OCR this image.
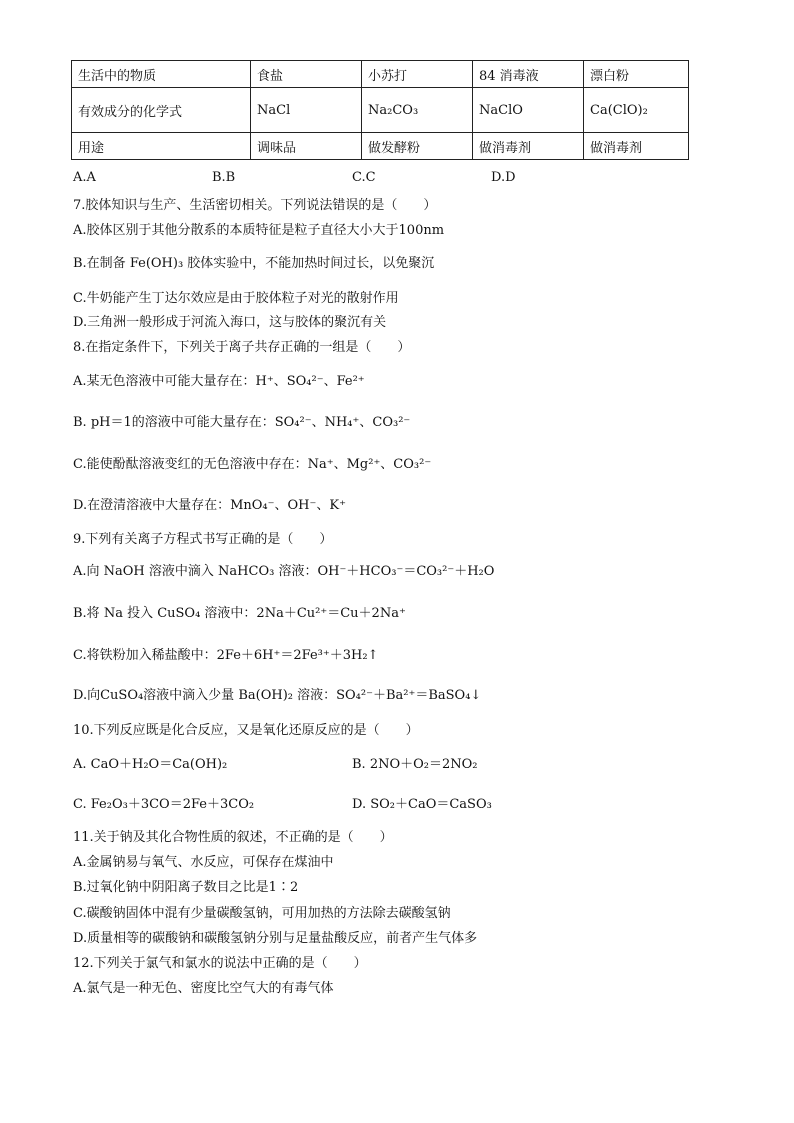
生活中的物质	食盐	小苏打	84 消毒液	漂白粉
有效成分的化学式	NaCl	Na₂CO₃	NaClO	Ca(ClO)₂
用途	调味品	做发酵粉	做消毒剂	做消毒剂
A.A	B.B	C.C	D.D
7.胶体知识与生产、生活密切相关。下列说法错误的是（　　）
A.胶体区别于其他分散系的本质特征是粒子直径大小大于100nm
B.在制备 Fe(OH)₃ 胶体实验中，不能加热时间过长，以免聚沉
C.牛奶能产生丁达尔效应是由于胶体粒子对光的散射作用
D.三角洲一般形成于河流入海口，这与胶体的聚沉有关
8.在指定条件下，下列关于离子共存正确的一组是（　　）
A.某无色溶液中可能大量存在：H⁺、SO₄²⁻、Fe²⁺
B. pH＝1的溶液中可能大量存在：SO₄²⁻、NH₄⁺、CO₃²⁻
C.能使酚酞溶液变红的无色溶液中存在：Na⁺、Mg²⁺、CO₃²⁻
D.在澄清溶液中大量存在：MnO₄⁻、OH⁻、K⁺
9.下列有关离子方程式书写正确的是（　　）
A.向 NaOH 溶液中滴入 NaHCO₃ 溶液：OH⁻＋HCO₃⁻＝CO₃²⁻＋H₂O
B.将 Na 投入 CuSO₄ 溶液中：2Na＋Cu²⁺＝Cu＋2Na⁺
C.将铁粉加入稀盐酸中：2Fe＋6H⁺＝2Fe³⁺＋3H₂↑
D.向CuSO₄溶液中滴入少量 Ba(OH)₂ 溶液：SO₄²⁻＋Ba²⁺＝BaSO₄↓
10.下列反应既是化合反应，又是氧化还原反应的是（　　）
A. CaO＋H₂O＝Ca(OH)₂	B. 2NO＋O₂＝2NO₂
C. Fe₂O₃＋3CO＝2Fe＋3CO₂	D. SO₂＋CaO＝CaSO₃
11.关于钠及其化合物性质的叙述，不正确的是（　　）
A.金属钠易与氧气、水反应，可保存在煤油中
B.过氧化钠中阴阳离子数目之比是1∶2
C.碳酸钠固体中混有少量碳酸氢钠，可用加热的方法除去碳酸氢钠
D.质量相等的碳酸钠和碳酸氢钠分别与足量盐酸反应，前者产生气体多
12.下列关于氯气和氯水的说法中正确的是（　　）
A.氯气是一种无色、密度比空气大的有毒气体
